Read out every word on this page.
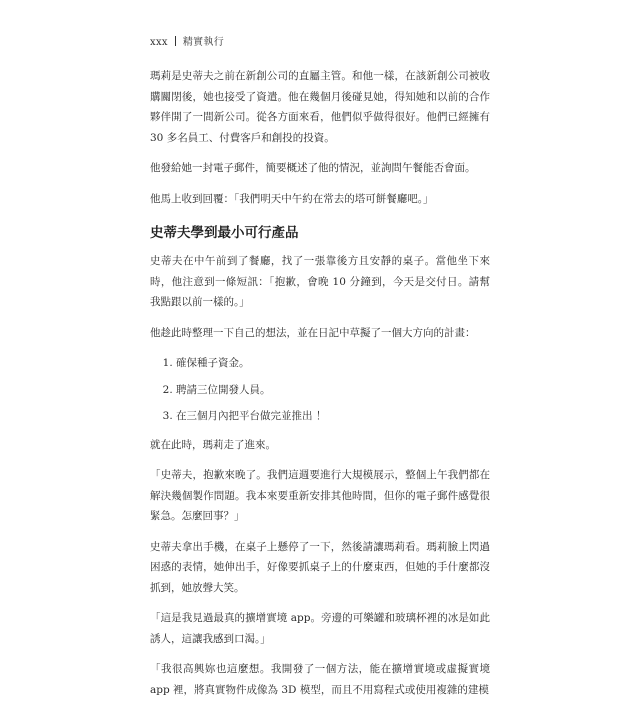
xxx 精實執行

瑪莉是史蒂夫之前在新創公司的直屬主管。和他一樣，在該新創公司被收購關閉後，她也接受了資遣。他在幾個月後碰見她，得知她和以前的合作夥伴開了一間新公司。從各方面來看，他們似乎做得很好。他們已經擁有 30 多名員工、付費客戶和創投的投資。

他發給她一封電子郵件，簡要概述了他的情況，並詢問午餐能否會面。

他馬上收到回覆：「我們明天中午約在常去的塔可餅餐廳吧。」

史蒂夫學到最小可行產品

史蒂夫在中午前到了餐廳，找了一張靠後方且安靜的桌子。當他坐下來時，他注意到一條短訊：「抱歉，會晚 10 分鐘到，今天是交付日。請幫我點跟以前一樣的。」

他趁此時整理一下自己的想法，並在日記中草擬了一個大方向的計畫：

1. 確保種子資金。
2. 聘請三位開發人員。
3. 在三個月內把平台做完並推出 ！

就在此時，瑪莉走了進來。

「史蒂夫，抱歉來晚了。我們這週要進行大規模展示，整個上午我們都在解決幾個製作問題。我本來要重新安排其他時間，但你的電子郵件感覺很緊急。怎麼回事？」

史蒂夫拿出手機，在桌子上懸停了一下，然後請讓瑪莉看。瑪莉臉上閃過困惑的表情，她伸出手，好像要抓桌子上的什麼東西，但她的手什麼都沒抓到，她放聲大笑。

「這是我見過最真的擴增實境 app。旁邊的可樂罐和玻璃杯裡的冰是如此誘人，這讓我感到口渴。」

「我很高興妳也這麼想。我開發了一個方法，能在擴增實境或虛擬實境 app 裡，將真實物件成像為 3D 模型，而且不用寫程式或使用複雜的建模
